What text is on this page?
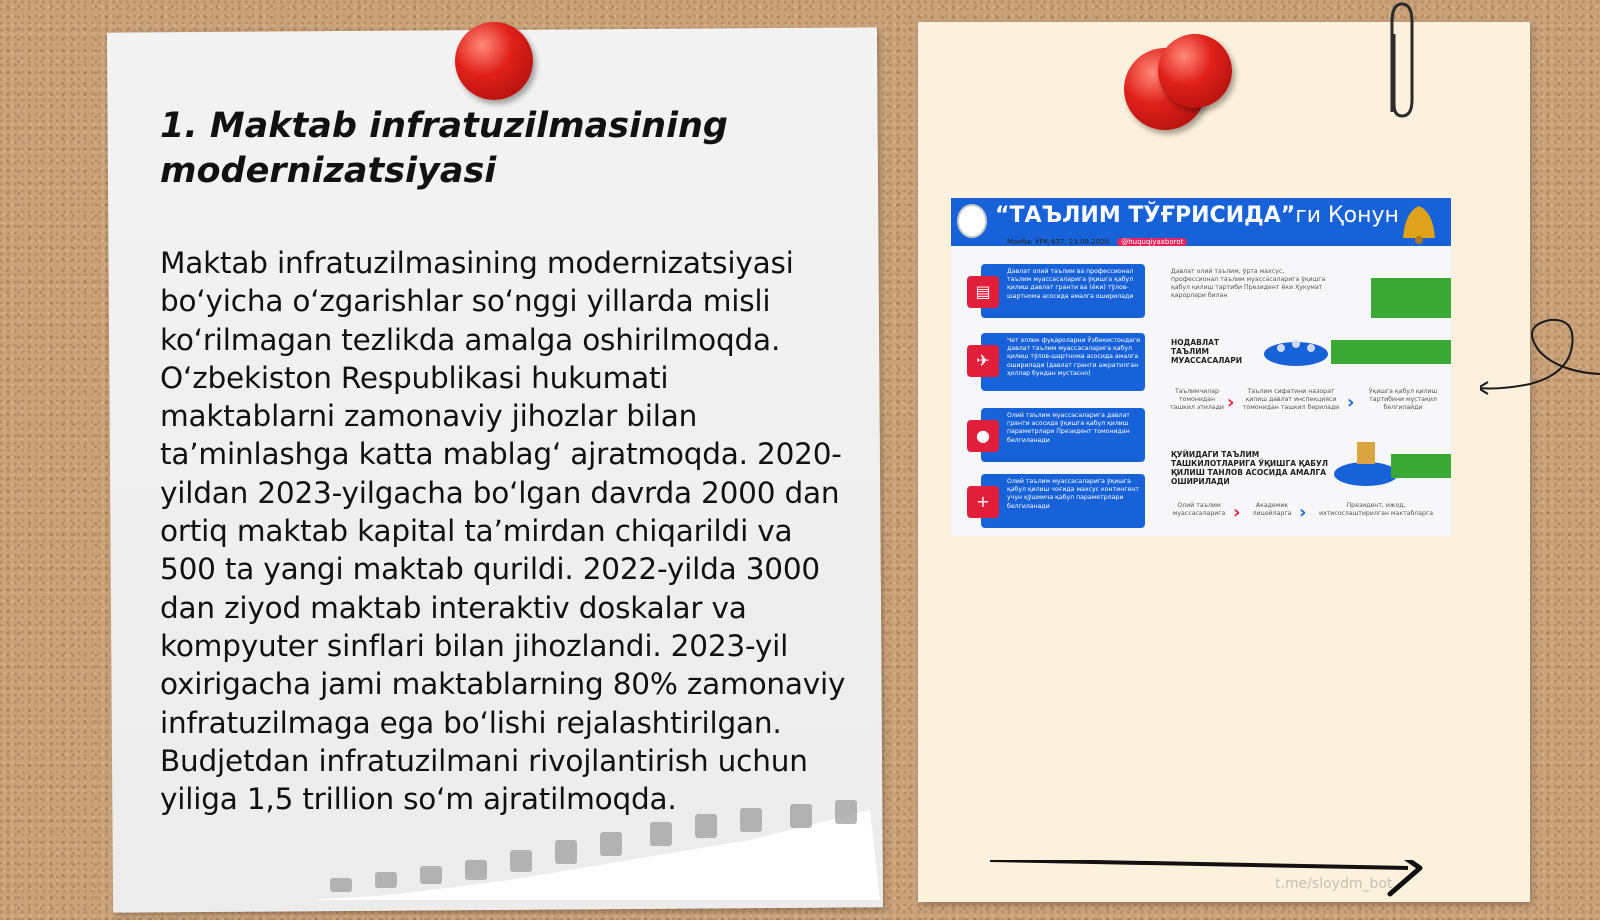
1. Maktab infratuzilmasining modernizatsiyasi
Maktab infratuzilmasining modernizatsiyasi bo‘yicha o‘zgarishlar so‘nggi yillarda misli ko‘rilmagan tezlikda amalga oshirilmoqda. O‘zbekiston Respublikasi hukumati maktablarni zamonaviy jihozlar bilan ta’minlashga katta mablag‘ ajratmoqda. 2020-yildan 2023-yilgacha bo‘lgan davrda 2000 dan ortiq maktab kapital ta’mirdan chiqarildi va 500 ta yangi maktab qurildi. 2022-yilda 3000 dan ziyod maktab interaktiv doskalar va kompyuter sinflari bilan jihozlandi. 2023-yil oxirigacha jami maktablarning 80% zamonaviy infratuzilmaga ega bo‘lishi rejalashtirilgan. Budjetdan infratuzilmani rivojlantirish uchun yiliga 1,5 trillion so‘m ajratilmoqda.
“ТАЪЛИМ ТЎҒРИСИДА”ги Қонун
Манба: ЎРҚ-637, 23.09.2020. @huquqiyaxborot
▤
Давлат олий таълим ва профессионал таълим муассасаларига ўқишга қабул қилиш давлат гранти ва (ёки) тўлов-шартнома асосида амалга оширилади
✈
Чет эллик фуқароларни Ўзбекистондаги давлат таълим муассасаларига қабул қилиш тўлов-шартнома асосида амалга оширилади (давлат гранти ажратилган ҳоллар бундан мустасно)
●
Олий таълим муассасаларига давлат гранти асосида ўқишга қабул қилиш параметрлари Президент томонидан белгиланади
+
Олий таълим муассасаларига ўқишга қабул қилиш чоғида махсус контингент учун қўшимча қабул параметрлари белгиланади
Давлат олий таълим, ўрта махсус, профессионал таълим муассасаларига ўқишга қабул қилиш тартиби Президент ёки Ҳукумат қарорлари билан
НОДАВЛАТ ТАЪЛИМ МУАССАСАЛАРИ
Таълимчилар томонидан ташкил этилади ›
Таълим сифатини назорат қилиш давлат инспекцияси томонидан ташкил берилади ›
Ўқишга қабул қилиш тартибини мустақил белгилайди
ҚУЙИДАГИ ТАЪЛИМ ТАШКИЛОТЛАРИГА ЎҚИШГА ҚАБУЛ ҚИЛИШ ТАНЛОВ АСОСИДА АМАЛГА ОШИРИЛАДИ
Олий таълим муассасаларига ›	Академик лицейларга ›	Президент, ижод, ихтисослаштирилган мактабларга
t.me/sloydm_bot
